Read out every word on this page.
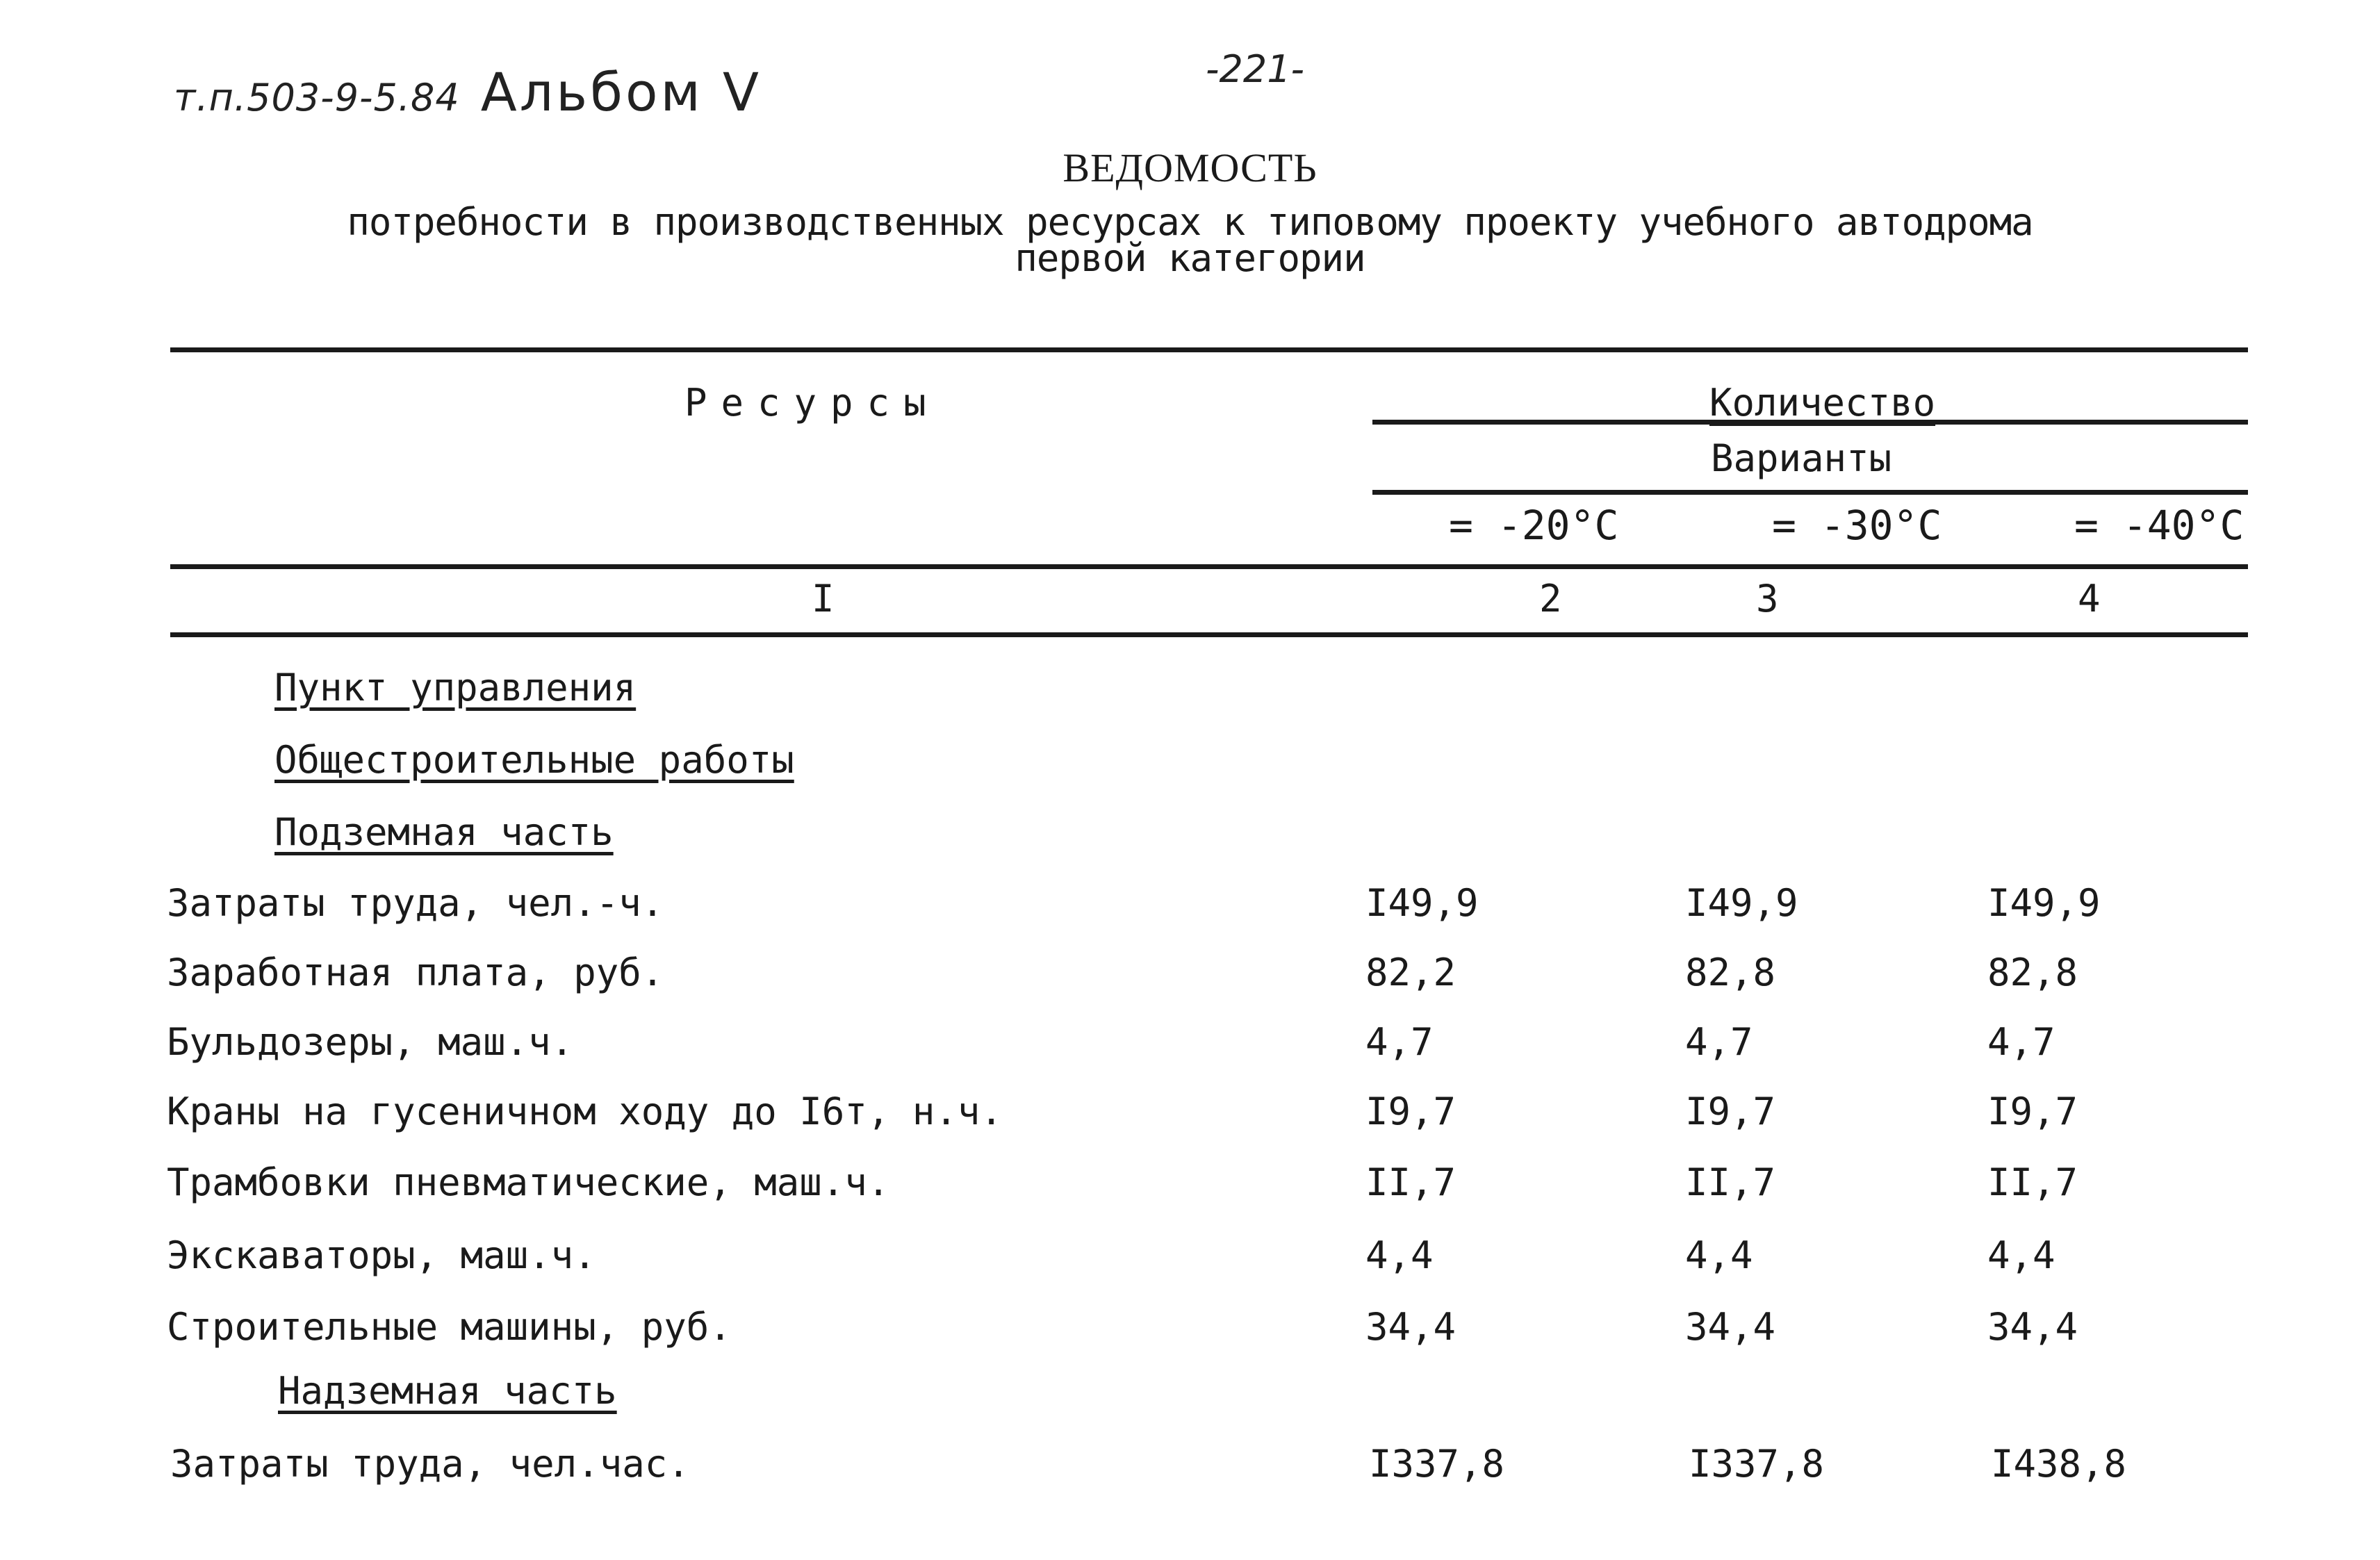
т.п.503-9-5.84 Альбом V	-221-
ВЕДОМОСТЬ
потребности в производственных ресурсах к типовому проекту учебного автодрома
первой категории
Ресурсы	Количество
Варианты
= -20°C	= -30°C	= -40°C
I	2	3	4
Пункт управления
Общестроительные работы
Подземная часть
Затраты труда, чел.-ч.	I49,9	I49,9	I49,9
Заработная плата, руб.	82,2	82,8	82,8
Бульдозеры, маш.ч.	4,7	4,7	4,7
Краны на гусеничном ходу до I6т, н.ч.	I9,7	I9,7	I9,7
Трамбовки пневматические, маш.ч.	II,7	II,7	II,7
Экскаваторы, маш.ч.	4,4	4,4	4,4
Строительные машины, руб.	34,4	34,4	34,4
Надземная часть
Затраты труда, чел.час.	I337,8	I337,8	I438,8
